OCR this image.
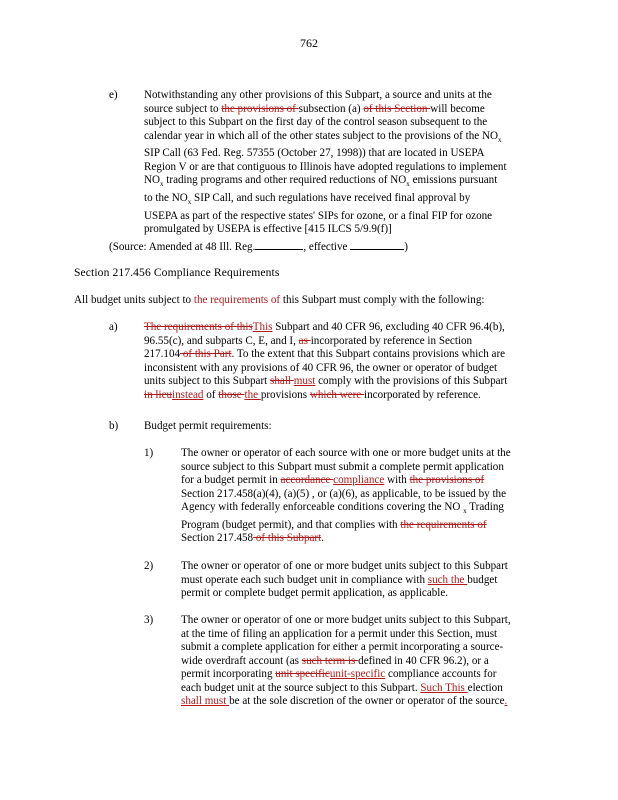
762
e) Notwithstanding any other provisions of this Subpart, a source and units at the
source subject to the provisions of subsection (a) of this Section will become
subject to this Subpart on the first day of the control season subsequent to the
calendar year in which all of the other states subject to the provisions of the $NO_x$
SIP Call (63 Fed. Reg. 57355 (October 27, 1998)) that are located in USEPA
Region V or are that contiguous to Illinois have adopted regulations to implement
$NO_x$ trading programs and other required reductions of $NO_x$ emissions pursuant
to the $NO_x$ SIP Call, and such regulations have received final approval by
USEPA as part of the respective states' SIPs for ozone, or a final FIP for ozone
promulgated by USEPA is effective [415 ILCS 5/9.9(f)]
(Source: Amended at 48 Ill. Reg.	, effective	)
Section 217.456 Compliance Requirements
All budget units subject to the requirements of this Subpart must comply with the following:
a) The requirements of thisThis Subpart and 40 CFR 96, excluding 40 CFR 96.4(b),
96.55(c), and subparts C, E, and I, as incorporated by reference in Section
217.104 of this Part. To the extent that this Subpart contains provisions which are
inconsistent with any provisions of 40 CFR 96, the owner or operator of budget
units subject to this Subpart shall must comply with the provisions of this Subpart
in lieuinstead of those the provisions which were incorporated by reference.
b) Budget permit requirements:
1)	The owner or operator of each source with one or more budget units at the
source subject to this Subpart must submit a complete permit application
for a budget permit in accordance compliance with the provisions of
Section 217.458(a)(4), (a)(5) , or (a)(6), as applicable, to be issued by the
Agency with federally enforceable conditions covering the NO $_x$ Trading
Program (budget permit), and that complies with the requirements of
Section 217.458 of this Subpart.
2)	The owner or operator of one or more budget units subject to this Subpart
must operate each such budget unit in compliance with such the budget
permit or complete budget permit application, as applicable.
3)	The owner or operator of one or more budget units subject to this Subpart,
at the time of filing an application for a permit under this Section, must
submit a complete application for either a permit incorporating a source-
wide overdraft account (as such term is defined in 40 CFR 96.2), or a
permit incorporating unit specificunit-specific compliance accounts for
each budget unit at the source subject to this Subpart. Such This election
shall must be at the sole discretion of the owner or operator of the source.
